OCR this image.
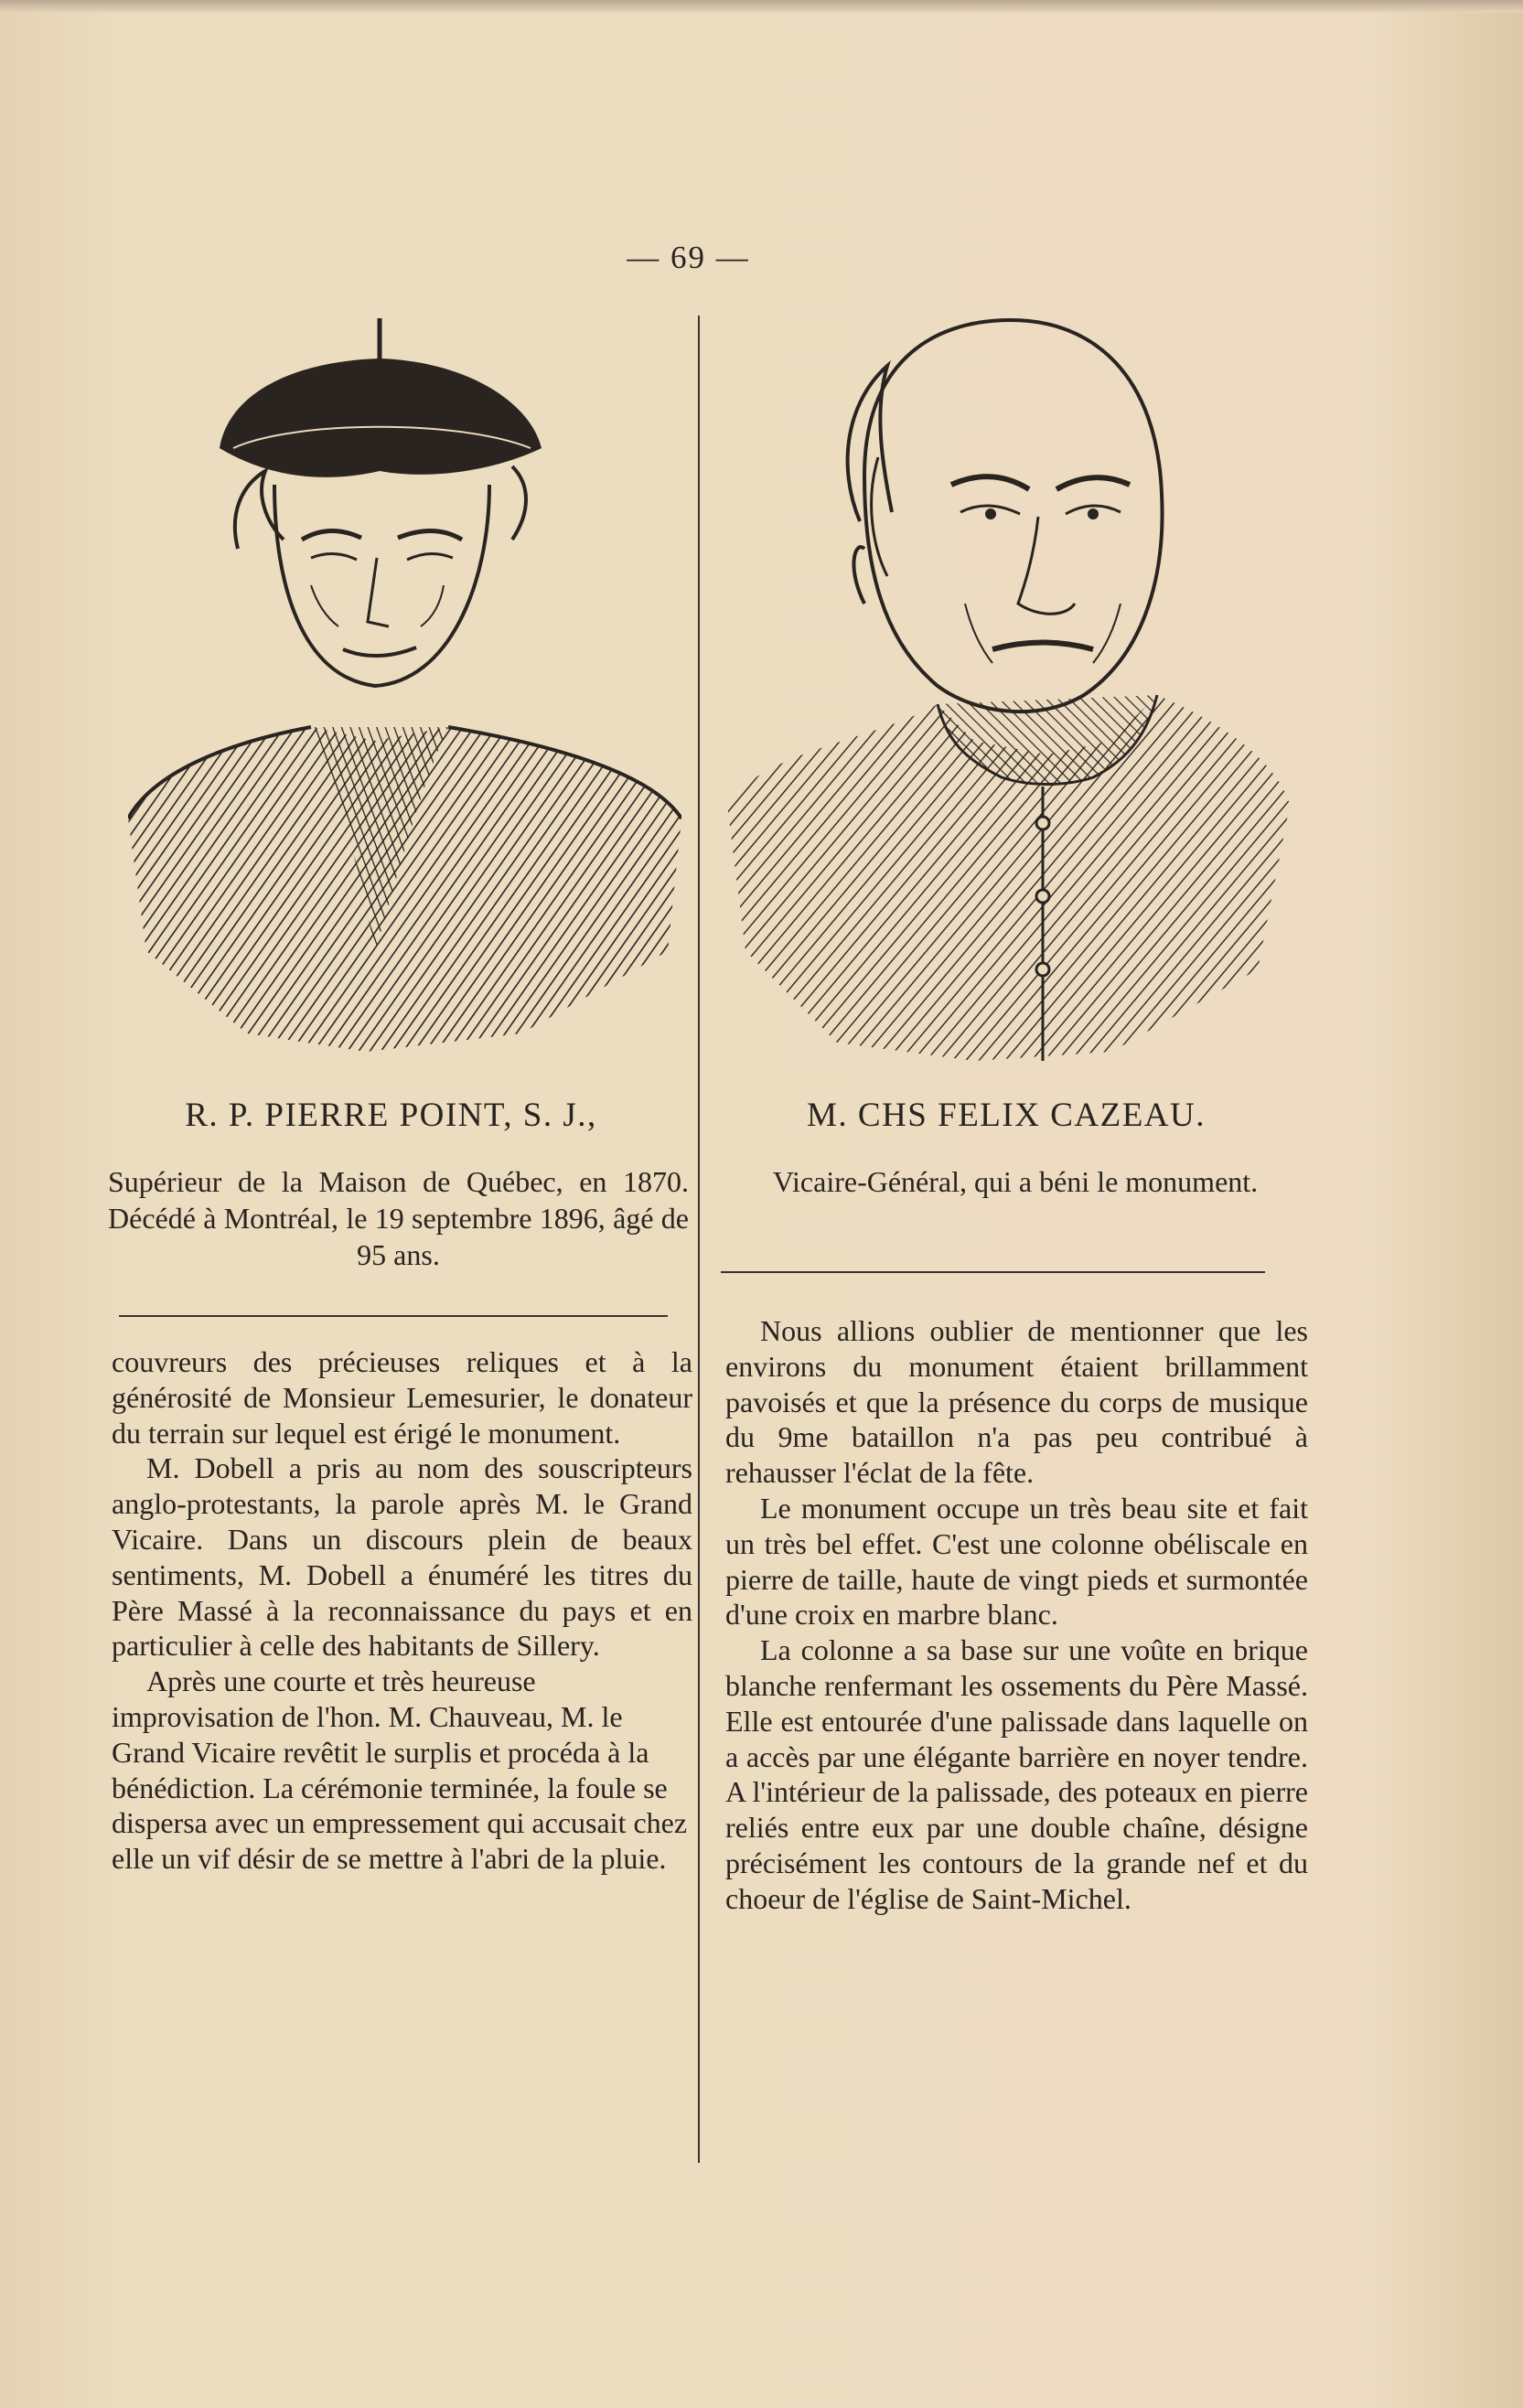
— 69 —
R. P. PIERRE POINT, S. J.,	M. CHS FELIX CAZEAU.
Supérieur de la Maison de Québec, en 1870. Décédé à Montréal, le 19 septembre 1896, âgé de 95 ans.
Vicaire-Général, qui a béni le monument.

couvreurs des précieuses reliques et à la générosité de Monsieur Lemesurier, le donateur du terrain sur lequel est érigé le monument.

M. Dobell a pris au nom des souscripteurs anglo-protestants, la parole après M. le Grand Vicaire. Dans un discours plein de beaux sentiments, M. Dobell a énuméré les titres du Père Massé à la reconnaissance du pays et en particulier à celle des habitants de Sillery.

Après une courte et très heureuse improvisation de l'hon. M. Chauveau, M. le Grand Vicaire revêtit le surplis et procéda à la bénédiction. La cérémonie terminée, la foule se dispersa avec un empressement qui accusait chez elle un vif désir de se mettre à l'abri de la pluie.

Nous allions oublier de mentionner que les environs du monument étaient brillamment pavoisés et que la présence du corps de musique du 9me bataillon n'a pas peu contribué à rehausser l'éclat de la fête.

Le monument occupe un très beau site et fait un très bel effet. C'est une colonne obéliscale en pierre de taille, haute de vingt pieds et surmontée d'une croix en marbre blanc.

La colonne a sa base sur une voûte en brique blanche renfermant les ossements du Père Massé. Elle est entourée d'une palissade dans laquelle on a accès par une élégante barrière en noyer tendre. A l'intérieur de la palissade, des poteaux en pierre reliés entre eux par une double chaîne, désigne précisément les contours de la grande nef et du choeur de l'église de Saint-Michel.
